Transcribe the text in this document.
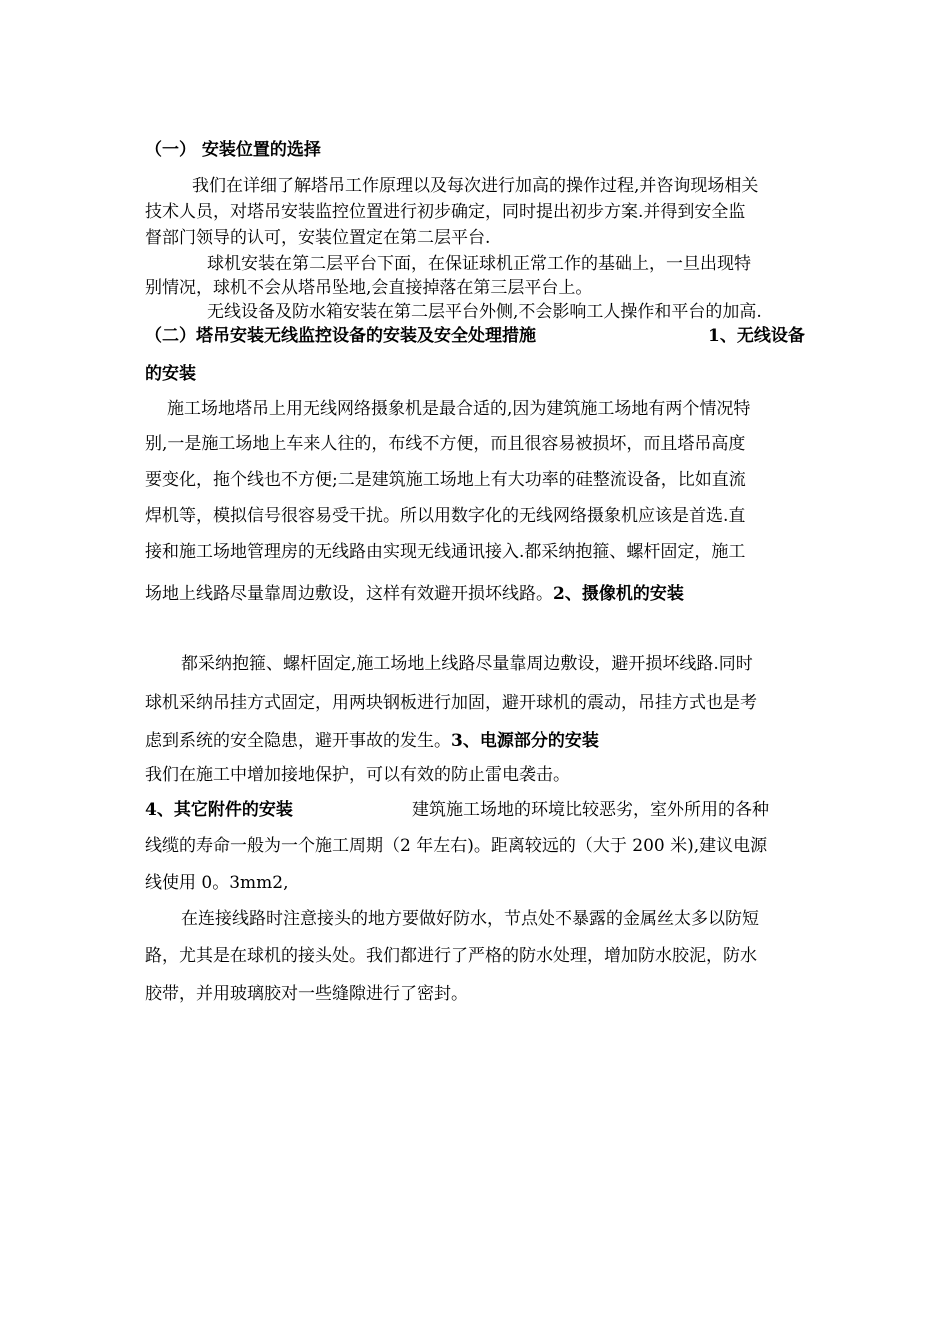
（一） 安装位置的选择
我们在详细了解塔吊工作原理以及每次进行加高的操作过程,并咨询现场相关
技术人员，对塔吊安装监控位置进行初步确定，同时提出初步方案.并得到安全监
督部门领导的认可，安装位置定在第二层平台.
球机安装在第二层平台下面，在保证球机正常工作的基础上，一旦出现特
别情况，球机不会从塔吊坠地,会直接掉落在第三层平台上。
无线设备及防水箱安装在第二层平台外侧,不会影响工人操作和平台的加高.
（二）塔吊安装无线监控设备的安装及安全处理措施	1、无线设备
的安装
施工场地塔吊上用无线网络摄象机是最合适的,因为建筑施工场地有两个情况特
别,一是施工场地上车来人往的，布线不方便，而且很容易被损坏，而且塔吊高度
要变化，拖个线也不方便;二是建筑施工场地上有大功率的硅整流设备，比如直流
焊机等，模拟信号很容易受干扰。所以用数字化的无线网络摄象机应该是首选.直
接和施工场地管理房的无线路由实现无线通讯接入.都采纳抱箍、螺杆固定，施工
场地上线路尽量靠周边敷设，这样有效避开损坏线路。2、摄像机的安装
都采纳抱箍、螺杆固定,施工场地上线路尽量靠周边敷设，避开损坏线路.同时
球机采纳吊挂方式固定，用两块钢板进行加固，避开球机的震动，吊挂方式也是考
虑到系统的安全隐患，避开事故的发生。3、电源部分的安装
我们在施工中增加接地保护，可以有效的防止雷电袭击。
4、其它附件的安装	建筑施工场地的环境比较恶劣，室外所用的各种
线缆的寿命一般为一个施工周期（2 年左右)。距离较远的（大于 200 米),建议电源
线使用 0。3mm2,
在连接线路时注意接头的地方要做好防水，节点处不暴露的金属丝太多以防短
路，尤其是在球机的接头处。我们都进行了严格的防水处理，增加防水胶泥，防水
胶带，并用玻璃胶对一些缝隙进行了密封。
